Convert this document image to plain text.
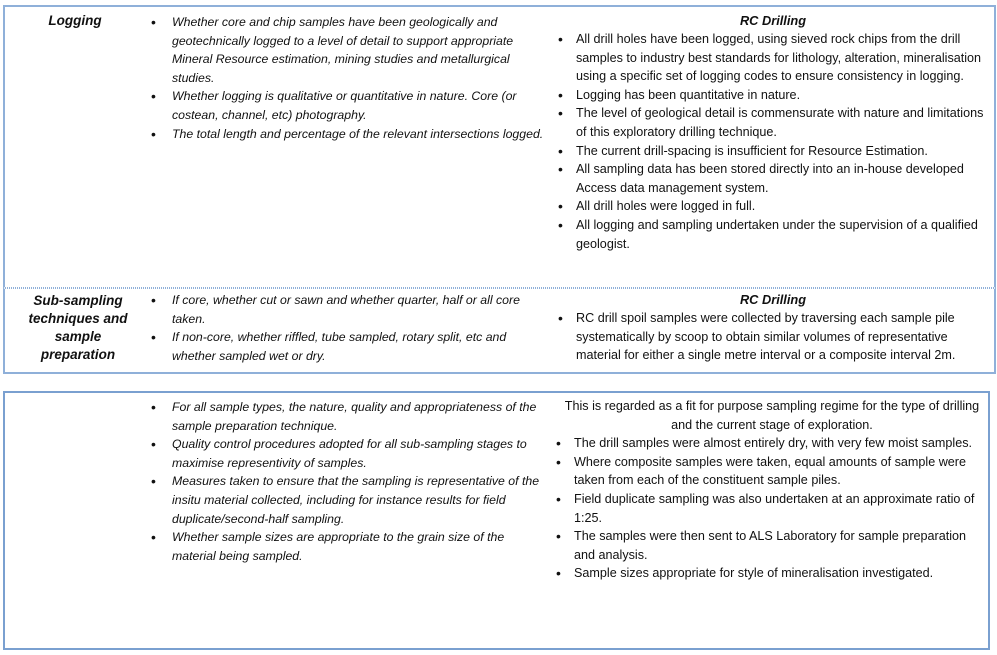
Logging	• Whether core and chip samples have been geologically and geotechnically logged to a level of detail to support appropriate Mineral Resource estimation, mining studies and metallurgical studies.
• Whether logging is qualitative or quantitative in nature. Core (or costean, channel, etc) photography.
• The total length and percentage of the relevant intersections logged.
RC Drilling
• All drill holes have been logged, using sieved rock chips from the drill samples to industry best standards for lithology, alteration, mineralisation using a specific set of logging codes to ensure consistency in logging.
• Logging has been quantitative in nature.
• The level of geological detail is commensurate with nature and limitations of this exploratory drilling technique.
• The current drill-spacing is insufficient for Resource Estimation.
• All sampling data has been stored directly into an in-house developed Access data management system.
• All drill holes were logged in full.
• All logging and sampling undertaken under the supervision of a qualified geologist.
Sub-sampling techniques and sample preparation
• If core, whether cut or sawn and whether quarter, half or all core taken.
• If non-core, whether riffled, tube sampled, rotary split, etc and whether sampled wet or dry.
RC Drilling
• RC drill spoil samples were collected by traversing each sample pile systematically by scoop to obtain similar volumes of representative material for either a single metre interval or a composite interval 2m.
• For all sample types, the nature, quality and appropriateness of the sample preparation technique.
• Quality control procedures adopted for all sub-sampling stages to maximise representivity of samples.
• Measures taken to ensure that the sampling is representative of the insitu material collected, including for instance results for field duplicate/second-half sampling.
• Whether sample sizes are appropriate to the grain size of the material being sampled.
This is regarded as a fit for purpose sampling regime for the type of drilling and the current stage of exploration.
• The drill samples were almost entirely dry, with very few moist samples.
• Where composite samples were taken, equal amounts of sample were taken from each of the constituent sample piles.
• Field duplicate sampling was also undertaken at an approximate ratio of 1:25.
• The samples were then sent to ALS Laboratory for sample preparation and analysis.
• Sample sizes appropriate for style of mineralisation investigated.
